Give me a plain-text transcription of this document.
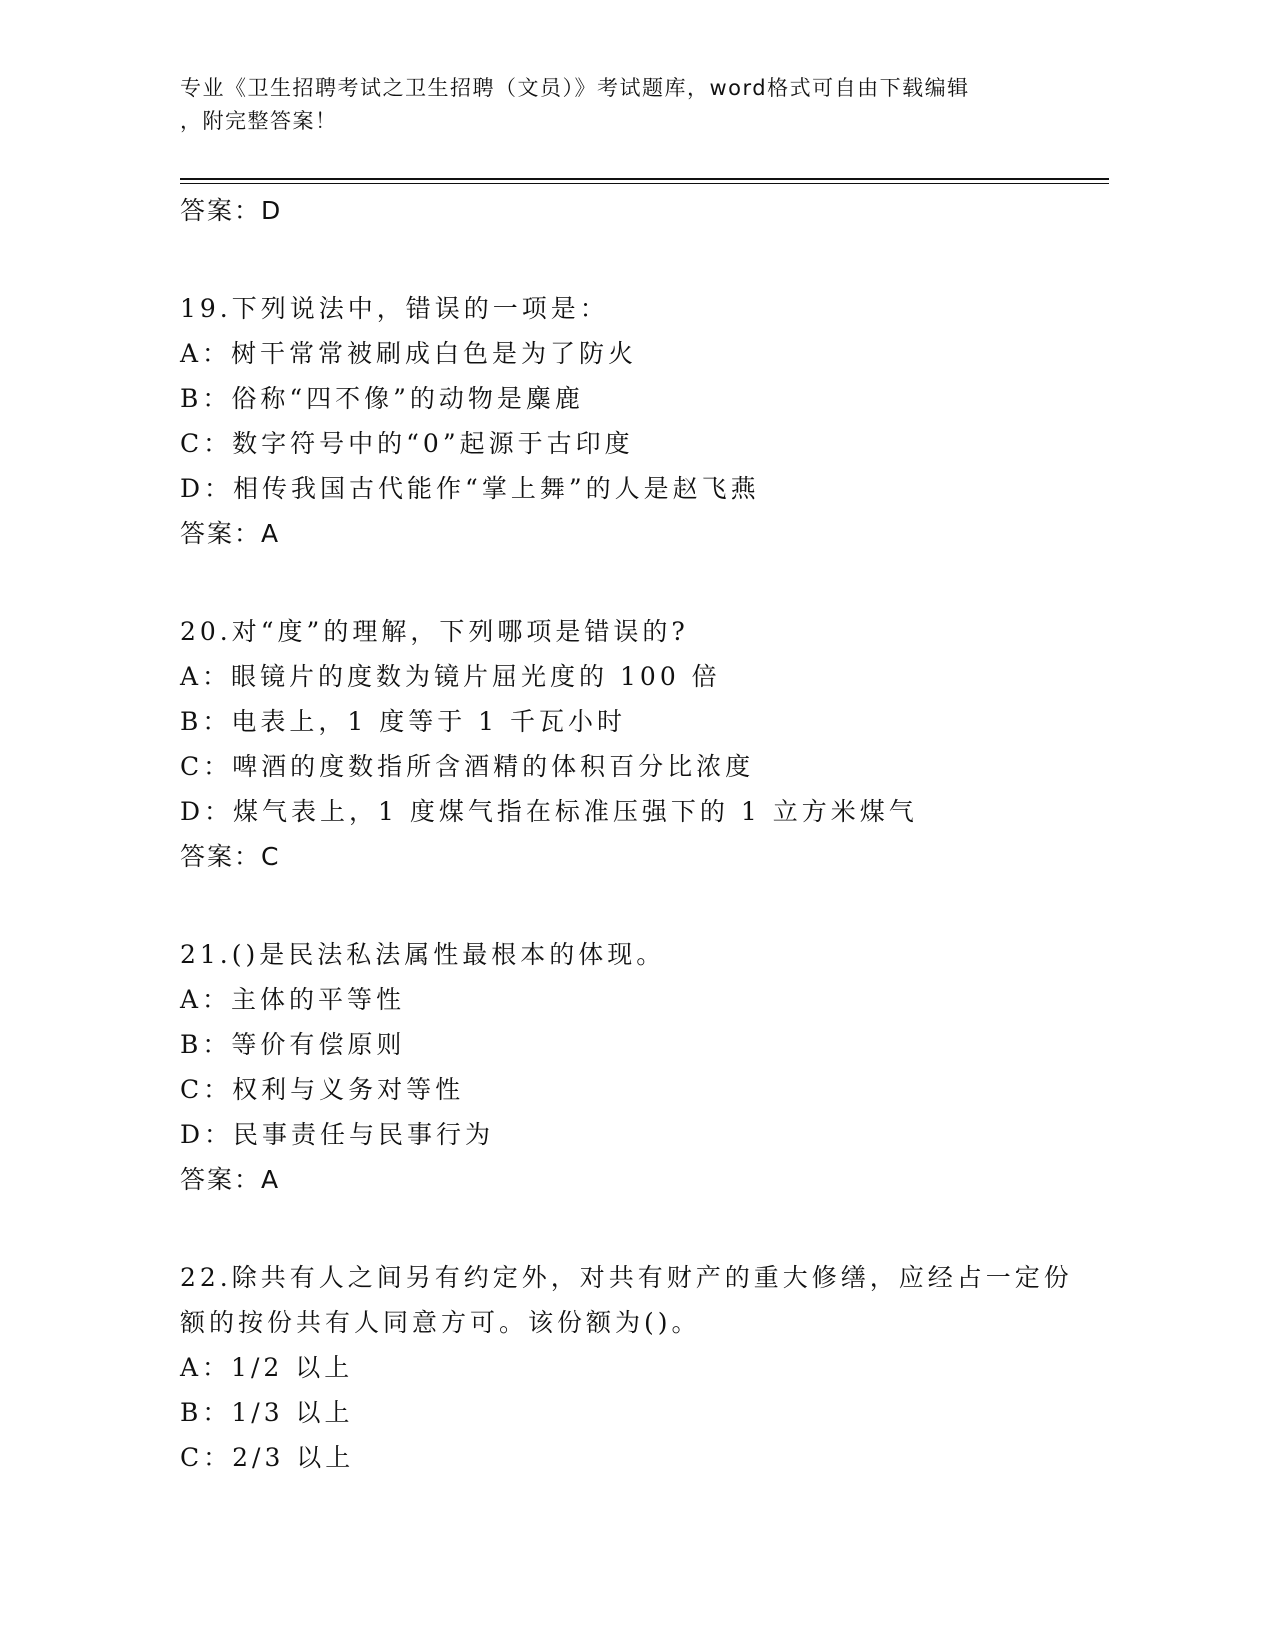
专业《卫生招聘考试之卫生招聘（文员）》考试题库，word格式可自由下载编辑
，附完整答案！
答案：D
19.下列说法中，错误的一项是：
A：树干常常被刷成白色是为了防火
B：俗称“四不像”的动物是麋鹿
C：数字符号中的“0”起源于古印度
D：相传我国古代能作“掌上舞”的人是赵飞燕
答案：A
20.对“度”的理解，下列哪项是错误的?
A：眼镜片的度数为镜片屈光度的 100 倍
B：电表上，1 度等于 1 千瓦小时
C：啤酒的度数指所含酒精的体积百分比浓度
D：煤气表上，1 度煤气指在标准压强下的 1 立方米煤气
答案：C
21.()是民法私法属性最根本的体现。
A：主体的平等性
B：等价有偿原则
C：权利与义务对等性
D：民事责任与民事行为
答案：A
22.除共有人之间另有约定外，对共有财产的重大修缮，应经占一定份
额的按份共有人同意方可。该份额为()。
A：1/2 以上
B：1/3 以上
C：2/3 以上
